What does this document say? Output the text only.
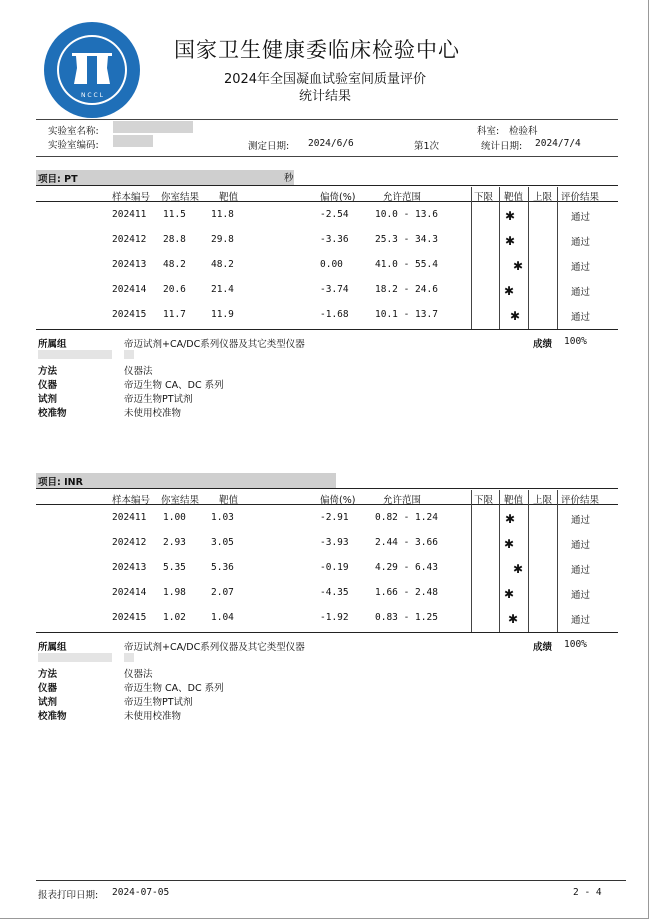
N C C L
国家卫生健康委临床检验中心
2024年全国凝血试验室间质量评价
统计结果
实验室名称:
实验室编码:	测定日期: 2024/6/6	第1次
科室: 检验科
统计日期: 2024/7/4
项目: PT	秒
样本编号 你室结果 靶值	偏倚(%)	允许范围	下限 靶值 上限 评价结果
202411 11.5	11.8	-2.54	10.0 - 13.6	✱	通过
202412 28.8	29.8	-3.36	25.3 - 34.3	✱	通过
202413 48.2	48.2	0.00	41.0 - 55.4	✱	通过
202414 20.6	21.4	-3.74	18.2 - 24.6	✱	通过
202415 11.7	11.9	-1.68	10.1 - 13.7	✱	通过
所属组	帝迈试剂+CA/DC系列仪器及其它类型仪器	成绩 100%
方法	仪器法
仪器	帝迈生物 CA、DC 系列
试剂	帝迈生物PT试剂
校准物	未使用校准物
项目: INR
样本编号 你室结果 靶值	偏倚(%)	允许范围	下限 靶值 上限 评价结果
202411 1.00	1.03	-2.91	0.82 - 1.24	✱	通过
202412 2.93	3.05	-3.93	2.44 - 3.66	✱	通过
202413 5.35	5.36	-0.19	4.29 - 6.43	✱	通过
202414 1.98	2.07	-4.35	1.66 - 2.48	✱	通过
202415 1.02	1.04	-1.92	0.83 - 1.25	✱	通过
所属组	帝迈试剂+CA/DC系列仪器及其它类型仪器	成绩 100%
方法	仪器法
仪器	帝迈生物 CA、DC 系列
试剂	帝迈生物PT试剂
校准物	未使用校准物
报表打印日期: 2024-07-05	2 - 4
